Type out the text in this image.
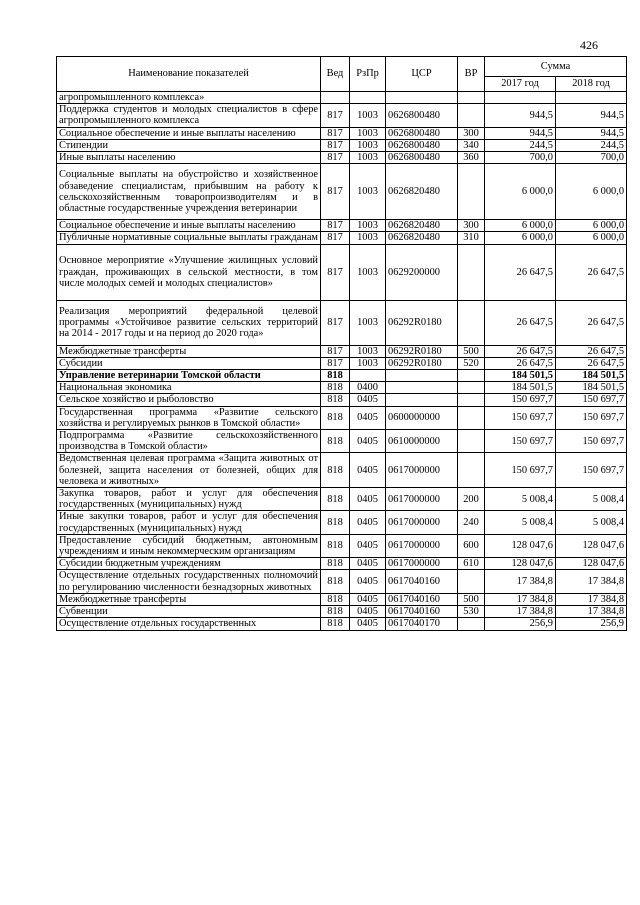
426
Наименование показателей	Вед	РзПр	ЦСР	ВР	Сумма	
					2017 год	2018 год
агропромышленного комплекса»						
Поддержка студентов и молодых специалистов в сфере агропромышленного комплекса	817	1003	0626800480		944,5	944,5
Социальное обеспечение и иные выплаты населению	817	1003	0626800480	300	944,5	944,5
Стипендии	817	1003	0626800480	340	244,5	244,5
Иные выплаты населению	817	1003	0626800480	360	700,0	700,0
Социальные выплаты на обустройство и хозяйственное обзаведение специалистам, прибывшим на работу к сельскохозяйственным товаропроизводителям и в областные государственные учреждения ветеринарии	817	1003	0626820480		6 000,0	6 000,0
Социальное обеспечение и иные выплаты населению	817	1003	0626820480	300	6 000,0	6 000,0
Публичные нормативные социальные выплаты гражданам	817	1003	0626820480	310	6 000,0	6 000,0
Основное мероприятие «Улучшение жилищных условий граждан, проживающих в сельской местности, в том числе молодых семей и молодых специалистов»	817	1003	0629200000		26 647,5	26 647,5
Реализация мероприятий федеральной целевой программы «Устойчивое развитие сельских территорий на 2014 - 2017 годы и на период до 2020 года»	817	1003	06292R0180		26 647,5	26 647,5
Межбюджетные трансферты	817	1003	06292R0180	500	26 647,5	26 647,5
Субсидии	817	1003	06292R0180	520	26 647,5	26 647,5
Управление ветеринарии Томской области	818				184 501,5	184 501,5
Национальная экономика	818	0400			184 501,5	184 501,5
Сельское хозяйство и рыболовство	818	0405			150 697,7	150 697,7
Государственная программа «Развитие сельского хозяйства и регулируемых рынков в Томской области»	818	0405	0600000000		150 697,7	150 697,7
Подпрограмма «Развитие сельскохозяйственного производства в Томской области»	818	0405	0610000000		150 697,7	150 697,7
Ведомственная целевая программа «Защита животных от болезней, защита населения от болезней, общих для человека и животных»	818	0405	0617000000		150 697,7	150 697,7
Закупка товаров, работ и услуг для обеспечения государственных (муниципальных) нужд	818	0405	0617000000	200	5 008,4	5 008,4
Иные закупки товаров, работ и услуг для обеспечения государственных (муниципальных) нужд	818	0405	0617000000	240	5 008,4	5 008,4
Предоставление субсидий бюджетным, автономным учреждениям и иным некоммерческим организациям	818	0405	0617000000	600	128 047,6	128 047,6
Субсидии бюджетным учреждениям	818	0405	0617000000	610	128 047,6	128 047,6
Осуществление отдельных государственных полномочий по регулированию численности безнадзорных животных	818	0405	0617040160		17 384,8	17 384,8
Межбюджетные трансферты	818	0405	0617040160	500	17 384,8	17 384,8
Субвенции	818	0405	0617040160	530	17 384,8	17 384,8
Осуществление отдельных государственных	818	0405	0617040170		256,9	256,9
